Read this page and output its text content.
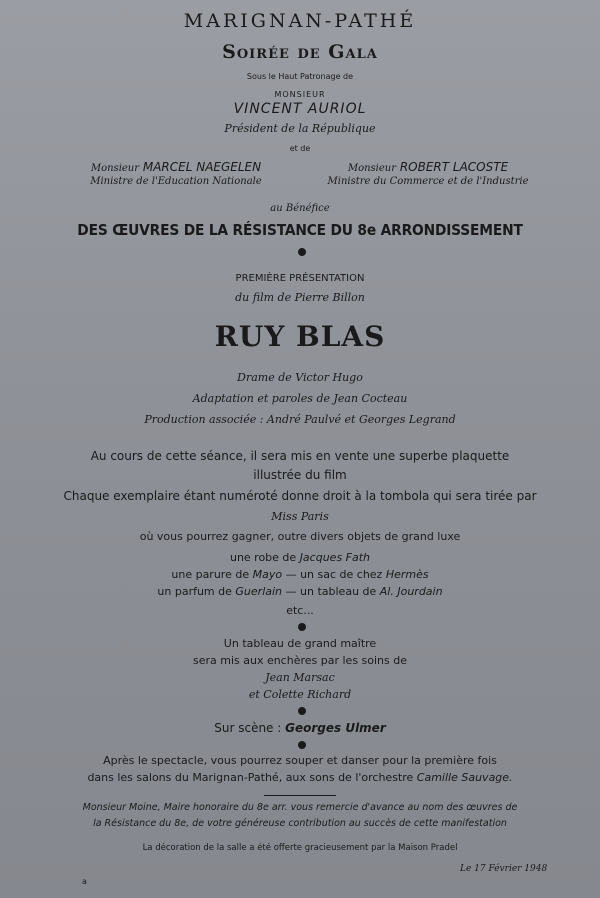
MARIGNAN-PATHÉ
Soirée de Gala
Sous le Haut Patronage de
MONSIEUR
VINCENT AURIOL
Président de la République
et de
Monsieur MARCEL NAEGELEN
Ministre de l'Education Nationale
Monsieur ROBERT LACOSTE
Ministre du Commerce et de l'Industrie
au Bénéfice
DES ŒUVRES DE LA RÉSISTANCE DU 8e ARRONDISSEMENT
PREMIÈRE PRÉSENTATION
du film de Pierre Billon
RUY BLAS
Drame de Victor Hugo
Adaptation et paroles de Jean Cocteau
Production associée : André Paulvé et Georges Legrand
Au cours de cette séance, il sera mis en vente une superbe plaquette
illustrée du film
Chaque exemplaire étant numéroté donne droit à la tombola qui sera tirée par
Miss Paris
où vous pourrez gagner, outre divers objets de grand luxe
une robe de Jacques Fath
une parure de Mayo — un sac de chez Hermès
un parfum de Guerlain — un tableau de Al. Jourdain
etc...
Un tableau de grand maître
sera mis aux enchères par les soins de
Jean Marsac
et Colette Richard
Sur scène : Georges Ulmer
Après le spectacle, vous pourrez souper et danser pour la première fois
dans les salons du Marignan-Pathé, aux sons de l'orchestre Camille Sauvage.
Monsieur Moine, Maire honoraire du 8e arr. vous remercie d'avance au nom des œuvres de
la Résistance du 8e, de votre généreuse contribution au succès de cette manifestation
La décoration de la salle a été offerte gracieusement par la Maison Pradel
Le 17 Février 1948
a
